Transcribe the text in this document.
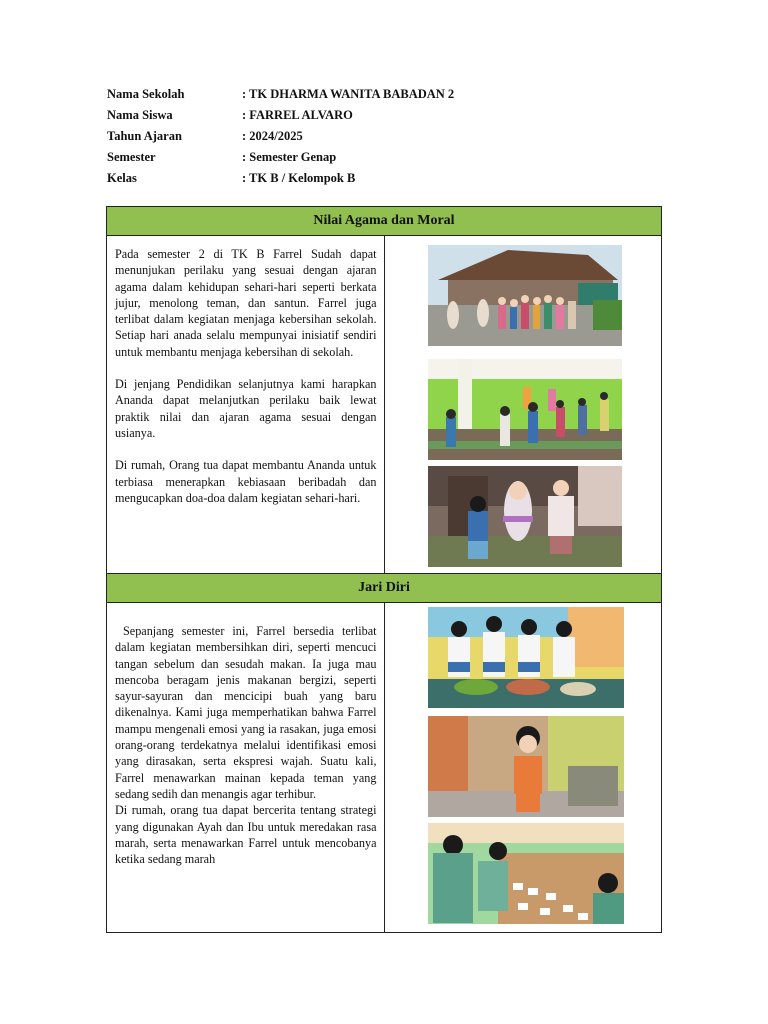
Nama Sekolah	: TK DHARMA WANITA BABADAN 2
Nama Siswa	: FARREL ALVARO
Tahun Ajaran	: 2024/2025
Semester	: Semester Genap
Kelas	: TK B / Kelompok B
Nilai Agama dan Moral	

Pada semester 2 di TK B Farrel Sudah dapat menunjukan perilaku yang sesuai dengan ajaran agama dalam kehidupan sehari-hari seperti berkata jujur, menolong teman, dan santun. Farrel juga terlibat dalam kegiatan menjaga kebersihan sekolah. Setiap hari anada selalu mempunyai inisiatif sendiri untuk membantu menjaga kebersihan di sekolah.

Di jenjang Pendidikan selanjutnya kami harapkan Ananda dapat melanjutkan perilaku baik lewat praktik nilai dan ajaran agama sesuai dengan usianya.

Di rumah, Orang tua dapat membantu Ananda untuk terbiasa menerapkan kebiasaan beribadah dan mengucapkan doa-doa dalam kegiatan sehari-hari.	

Jari Diri	

Sepanjang semester ini, Farrel bersedia terlibat dalam kegiatan membersihkan diri, seperti mencuci tangan sebelum dan sesudah makan. Ia juga mau mencoba beragam jenis makanan bergizi, seperti sayur-sayuran dan mencicipi buah yang baru dikenalnya. Kami juga memperhatikan bahwa Farrel mampu mengenali emosi yang ia rasakan, juga emosi orang-orang terdekatnya melalui identifikasi emosi yang dirasakan, serta ekspresi wajah. Suatu kali, Farrel menawarkan mainan kepada teman yang sedang sedih dan menangis agar terhibur.

Di rumah, orang tua dapat bercerita tentang strategi yang digunakan Ayah dan Ibu untuk meredakan rasa marah, serta menawarkan Farrel untuk mencobanya ketika sedang marah	
